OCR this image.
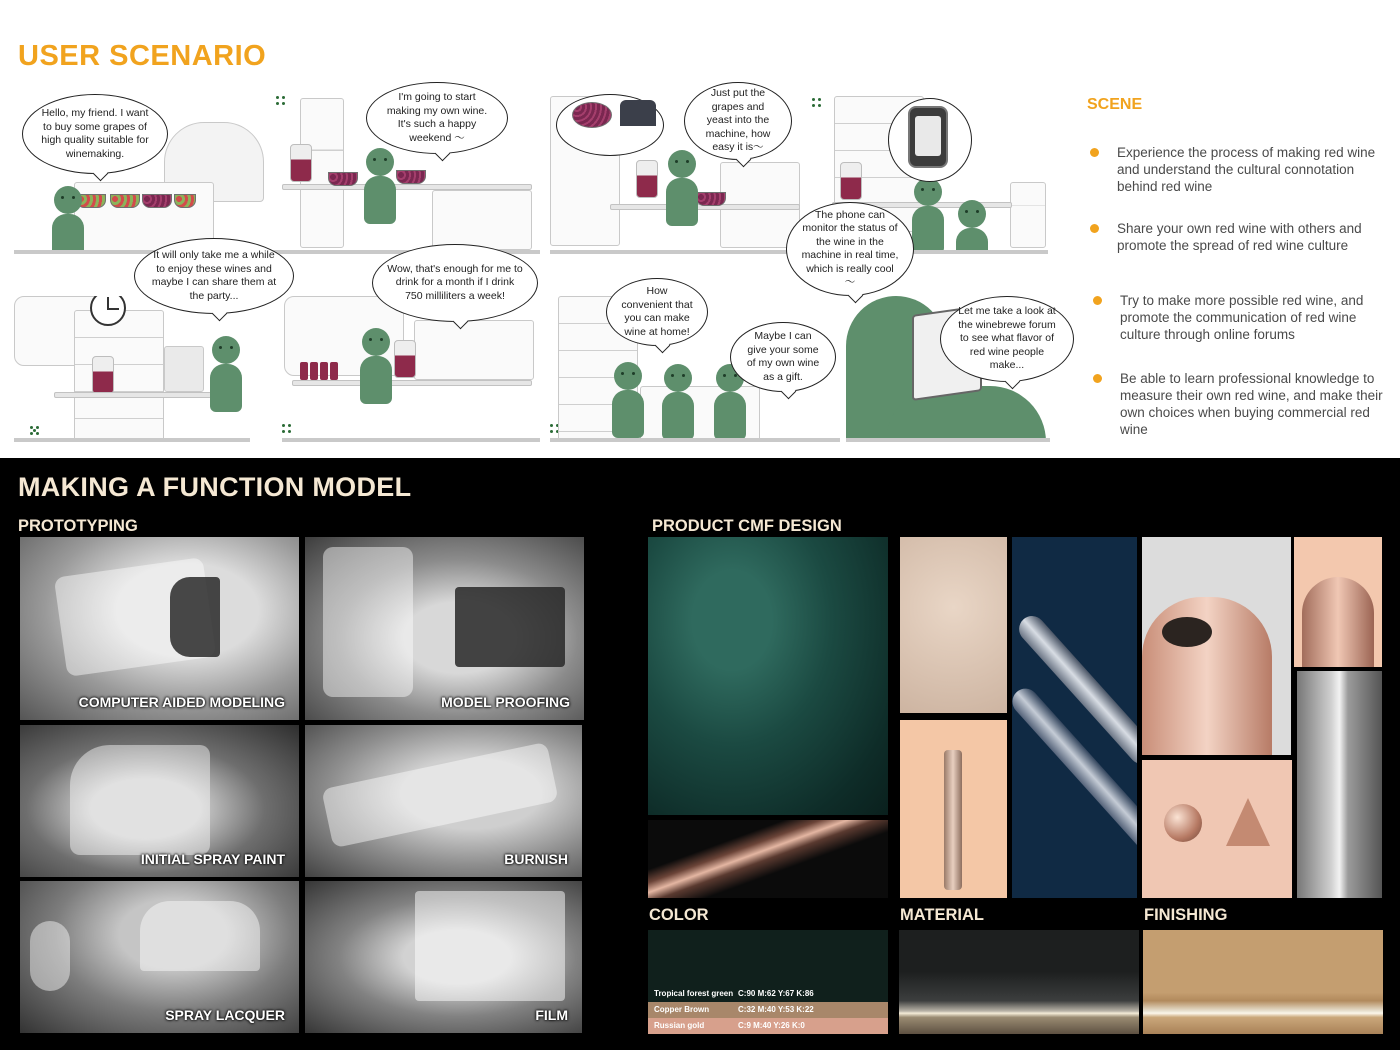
USER SCENARIO
Hello, my friend. I want to buy some grapes of high quality suitable for winemaking.
I'm going to start making my own wine. It's such a happy weekend ～
Just put the grapes and yeast into the machine, how easy it is～
The phone can monitor the status of the wine in the machine in real time, which is really cool～
It will only take me a while to enjoy these wines and maybe I can share them at the party...
Wow, that's enough for me to drink for a month if I drink 750 milliliters a week!	How convenient that you can make wine at home!	Maybe I can give your some of my own wine as a gift.
Let me take a look at the winebrewe forum to see what flavor of red wine people make...
SCENE
Experience the process of making red wine and understand the cultural connotation behind red wine
Share your own red wine with others and promote the spread of red wine culture
Try to make more possible red wine, and promote the communication of red wine culture through online forums
Be able to learn professional knowledge to measure their own red wine, and make their own choices when buying commercial red wine
MAKING A FUNCTION MODEL
PROTOTYPING	PRODUCT CMF DESIGN
COMPUTER AIDED MODELING	MODEL PROOFING
INITIAL SPRAY PAINT	BURNISH
SPRAY LACQUER	FILM
COLOR	MATERIAL	FINISHING
Tropical forest green C:90 M:62 Y:67 K:86
Copper Brown	C:32 M:40 Y:53 K:22
Russian gold	C:9 M:40 Y:26 K:0
